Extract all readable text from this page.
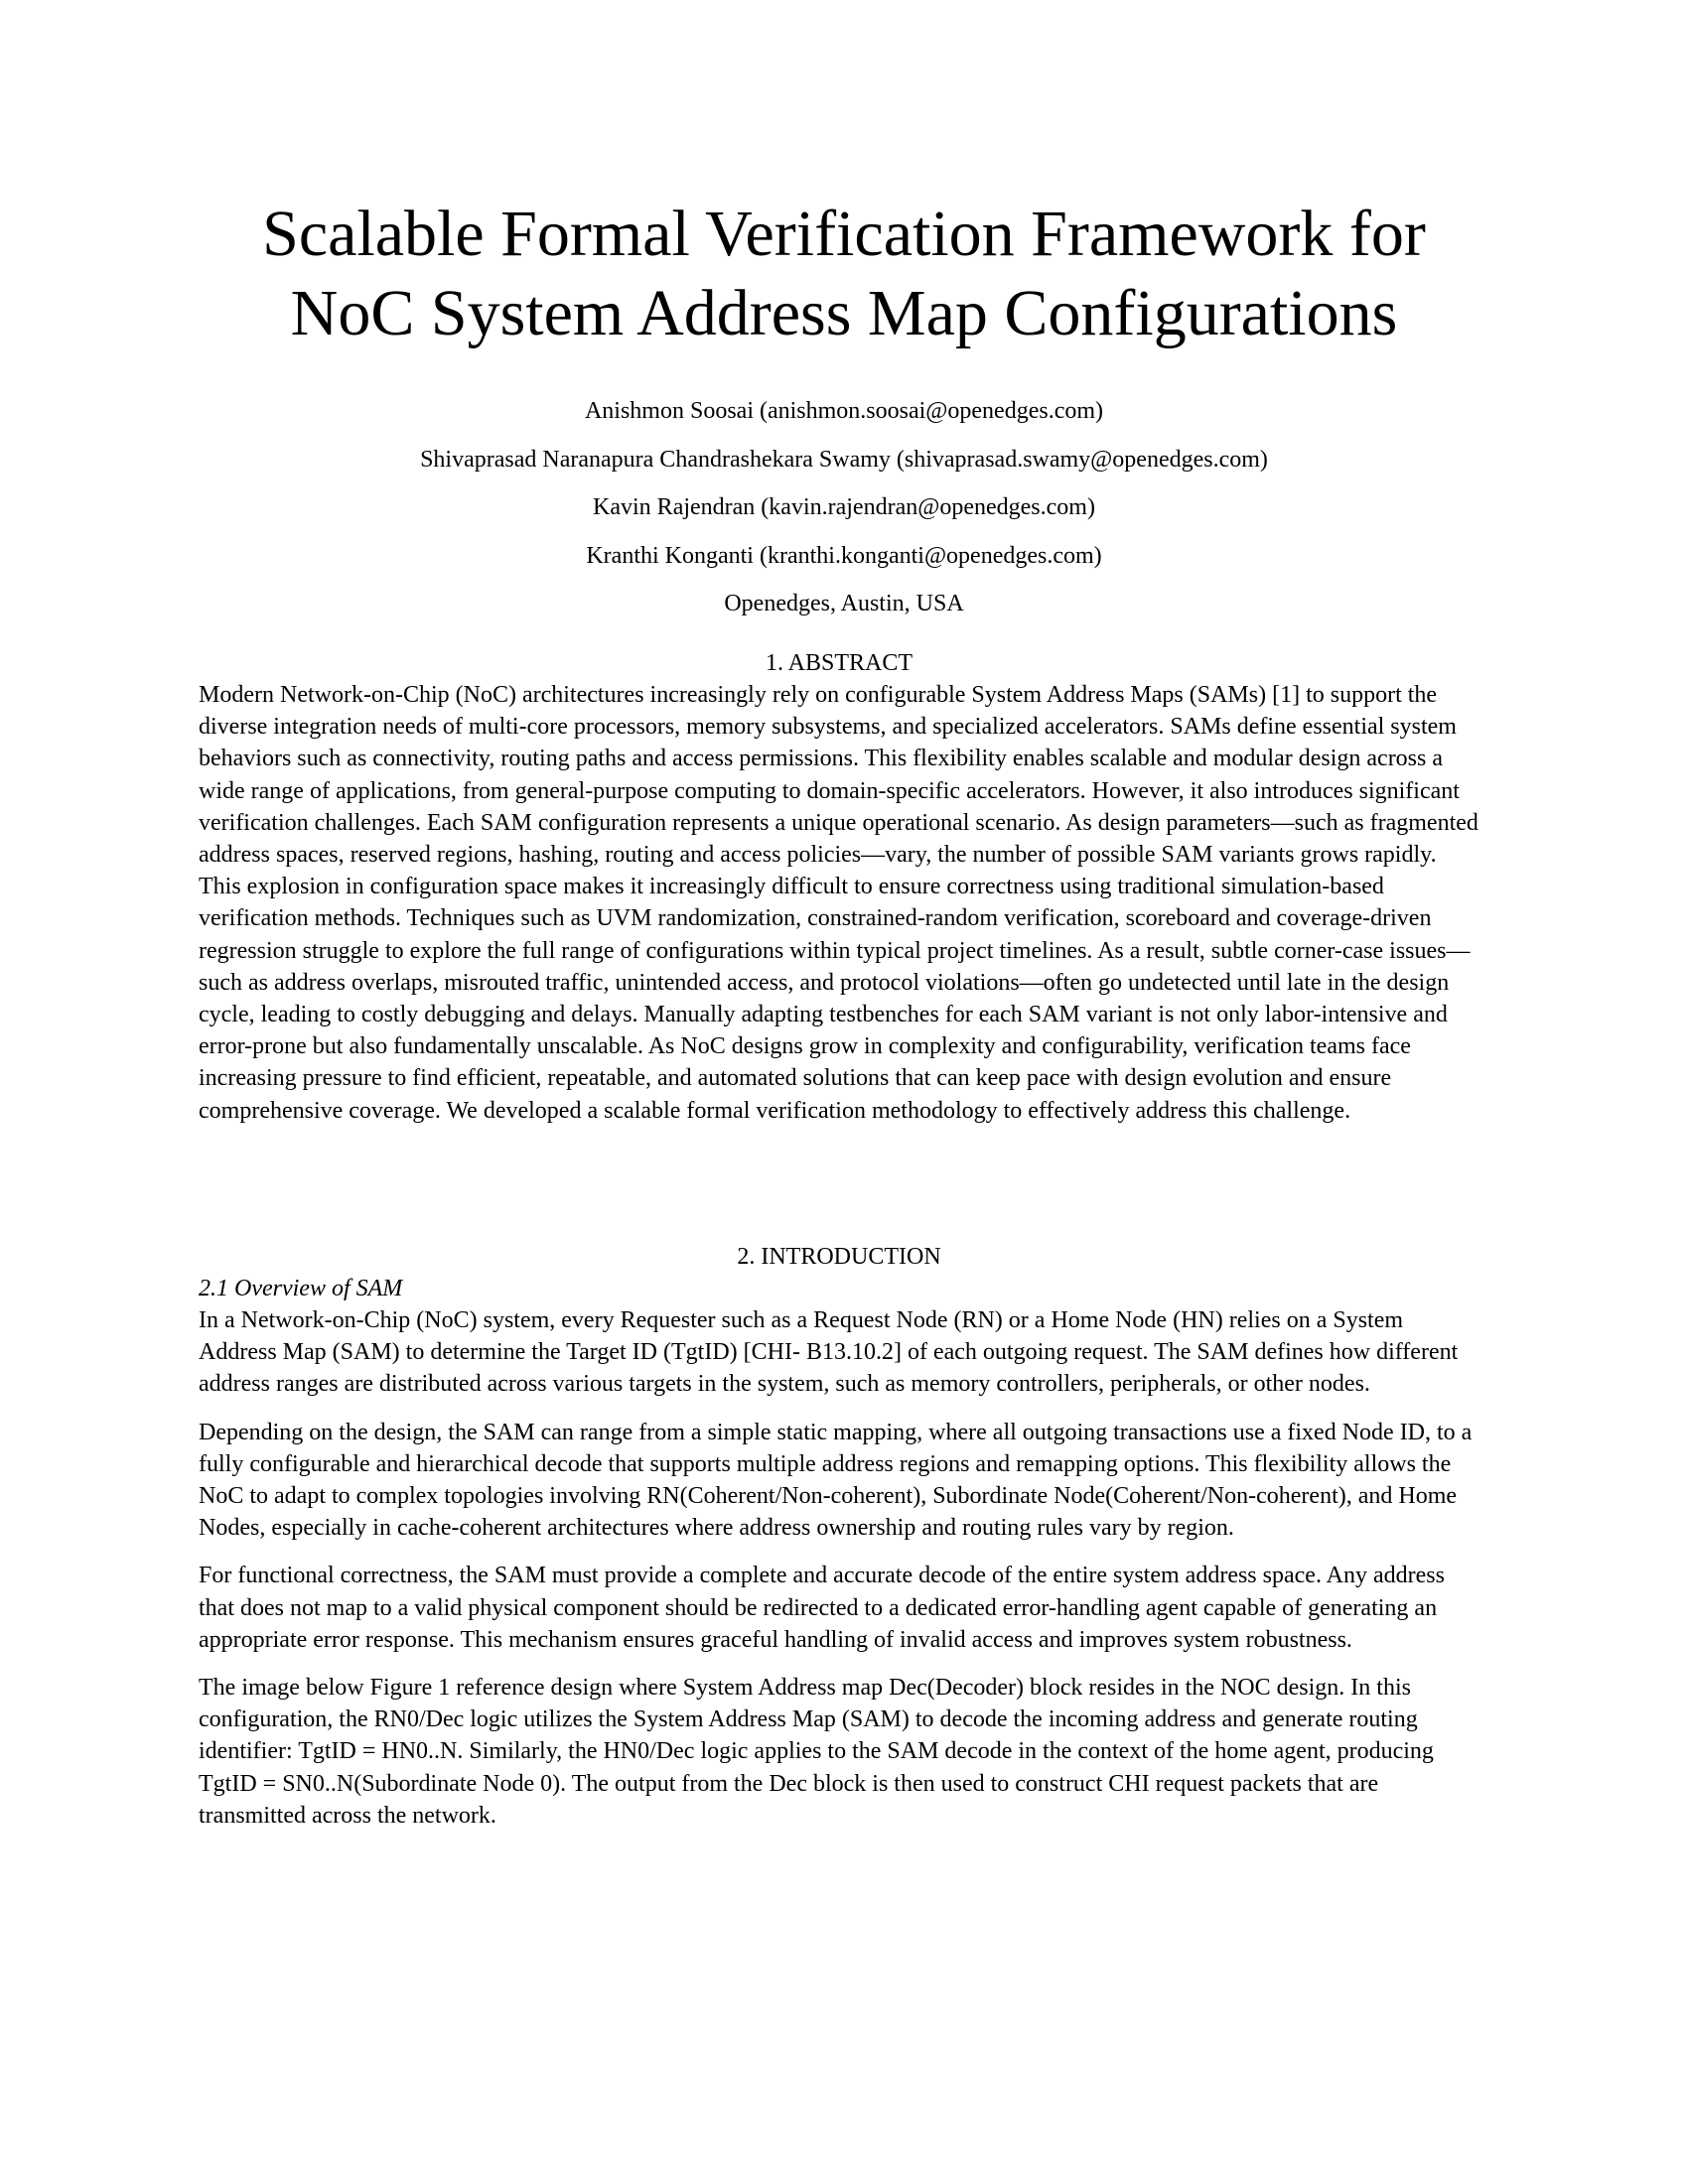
Scalable Formal Verification Framework for
NoC System Address Map Configurations
Anishmon Soosai (anishmon.soosai@openedges.com)
Shivaprasad Naranapura Chandrashekara Swamy (shivaprasad.swamy@openedges.com)
Kavin Rajendran (kavin.rajendran@openedges.com)
Kranthi Konganti (kranthi.konganti@openedges.com)
Openedges, Austin, USA
1. ABSTRACT

Modern Network-on-Chip (NoC) architectures increasingly rely on configurable System Address Maps (SAMs) [1] to support the diverse integration needs of multi-core processors, memory subsystems, and specialized accelerators. SAMs define essential system behaviors such as connectivity, routing paths and access permissions. This flexibility enables scalable and modular design across a wide range of applications, from general-purpose computing to domain-specific accelerators. However, it also introduces significant verification challenges. Each SAM configuration represents a unique operational scenario. As design parameters—such as fragmented address spaces, reserved regions, hashing, routing and access policies—vary, the number of possible SAM variants grows rapidly. This explosion in configuration space makes it increasingly difficult to ensure correctness using traditional simulation-based verification methods. Techniques such as UVM randomization, constrained-random verification, scoreboard and coverage-driven regression struggle to explore the full range of configurations within typical project timelines. As a result, subtle corner-case issues—such as address overlaps, misrouted traffic, unintended access, and protocol violations—often go undetected until late in the design cycle, leading to costly debugging and delays. Manually adapting testbenches for each SAM variant is not only labor-intensive and error-prone but also fundamentally unscalable. As NoC designs grow in complexity and configurability, verification teams face increasing pressure to find efficient, repeatable, and automated solutions that can keep pace with design evolution and ensure comprehensive coverage. We developed a scalable formal verification methodology to effectively address this challenge.

2. INTRODUCTION
2.1 Overview of SAM

In a Network-on-Chip (NoC) system, every Requester such as a Request Node (RN) or a Home Node (HN) relies on a System Address Map (SAM) to determine the Target ID (TgtID) [CHI- B13.10.2] of each outgoing request. The SAM defines how different address ranges are distributed across various targets in the system, such as memory controllers, peripherals, or other nodes.

Depending on the design, the SAM can range from a simple static mapping, where all outgoing transactions use a fixed Node ID, to a fully configurable and hierarchical decode that supports multiple address regions and remapping options. This flexibility allows the NoC to adapt to complex topologies involving RN(Coherent/Non-coherent), Subordinate Node(Coherent/Non-coherent), and Home Nodes, especially in cache-coherent architectures where address ownership and routing rules vary by region.

For functional correctness, the SAM must provide a complete and accurate decode of the entire system address space. Any address that does not map to a valid physical component should be redirected to a dedicated error-handling agent capable of generating an appropriate error response. This mechanism ensures graceful handling of invalid access and improves system robustness.

The image below Figure 1 reference design where System Address map Dec(Decoder) block resides in the NOC design. In this configuration, the RN0/Dec logic utilizes the System Address Map (SAM) to decode the incoming address and generate routing identifier: TgtID = HN0..N. Similarly, the HN0/Dec logic applies to the SAM decode in the context of the home agent, producing TgtID = SN0..N(Subordinate Node 0). The output from the Dec block is then used to construct CHI request packets that are transmitted across the network.
